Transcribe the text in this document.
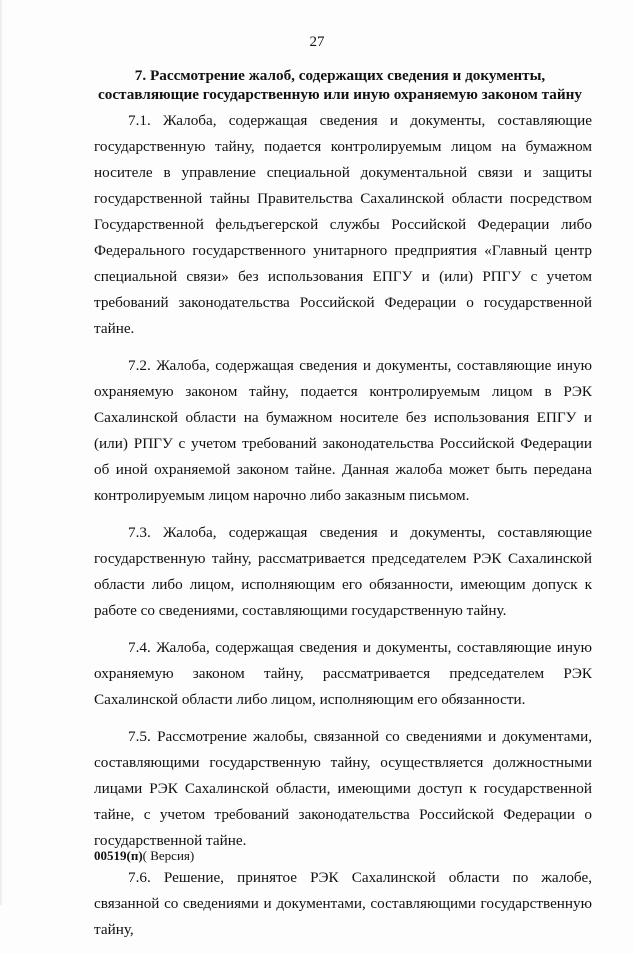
27
7. Рассмотрение жалоб, содержащих сведения и документы,
составляющие государственную или иную охраняемую законом тайну

7.1. Жалоба, содержащая сведения и документы, составляющие государственную тайну, подается контролируемым лицом на бумажном носителе в управление специальной документальной связи и защиты государственной тайны Правительства Сахалинской области посредством Государственной фельдъегерской службы Российской Федерации либо Федерального государственного унитарного предприятия «Главный центр специальной связи» без использования ЕПГУ и (или) РПГУ с учетом требований законодательства Российской Федерации о государственной тайне.

7.2. Жалоба, содержащая сведения и документы, составляющие иную охраняемую законом тайну, подается контролируемым лицом в РЭК Сахалинской области на бумажном носителе без использования ЕПГУ и (или) РПГУ с учетом требований законодательства Российской Федерации об иной охраняемой законом тайне. Данная жалоба может быть передана контролируемым лицом нарочно либо заказным письмом.

7.3. Жалоба, содержащая сведения и документы, составляющие государственную тайну, рассматривается председателем РЭК Сахалинской области либо лицом, исполняющим его обязанности, имеющим допуск к работе со сведениями, составляющими государственную тайну.

7.4. Жалоба, содержащая сведения и документы, составляющие иную охраняемую законом тайну, рассматривается председателем РЭК Сахалинской области либо лицом, исполняющим его обязанности.

7.5. Рассмотрение жалобы, связанной со сведениями и документами, составляющими государственную тайну, осуществляется должностными лицами РЭК Сахалинской области, имеющими доступ к государственной тайне, с учетом требований законодательства Российской Федерации о государственной тайне.

7.6. Решение, принятое РЭК Сахалинской области по жалобе, связанной со сведениями и документами, составляющими государственную тайну,

00519(п)( Версия)
